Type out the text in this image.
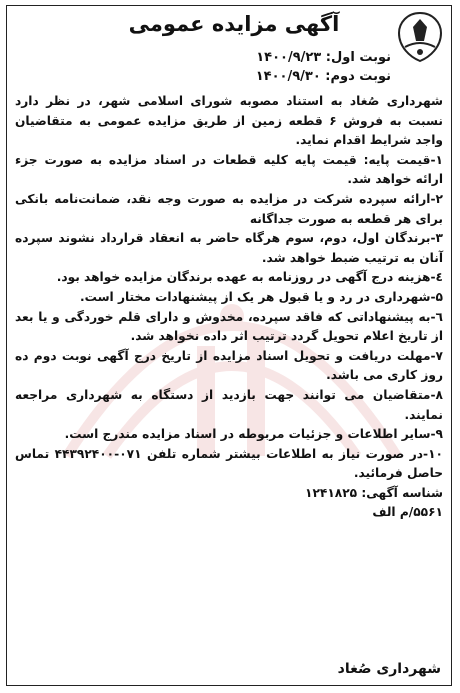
آگهی مزایده عمومی
نوبت اول: ۱۴۰۰/۹/۲۳
نوبت دوم: ۱۴۰۰/۹/۳۰

شهرداری صُغاد به استناد مصوبه شورای اسلامی شهر، در نظر دارد نسبت به فروش ۶ قطعه زمین از طریق مزایده عمومی به متقاضیان واجد شرایط اقدام نماید.

۱-قیمت پایه: قیمت پایه کلیه قطعات در اسناد مزایده به صورت جزء ارائه خواهد شد.

۲-ارائه سپرده شرکت در مزایده به صورت وجه نقد، ضمانت‌نامه بانکی برای هر قطعه به صورت جداگانه

۳-برندگان اول، دوم، سوم هرگاه حاضر به انعقاد قرارداد نشوند سپرده آنان به ترتیب ضبط خواهد شد.

٤-هزینه درج آگهی در روزنامه به عهده برندگان مزایده خواهد بود.

۵-شهرداری در رد و یا قبول هر یک از پیشنهادات مختار است.

٦-به پیشنهاداتی که فاقد سپرده، مخدوش و دارای قلم خوردگی و یا بعد از تاریخ اعلام تحویل گردد ترتیب اثر داده نخواهد شد.

۷-مهلت دریافت و تحویل اسناد مزایده از تاریخ درج آگهی نوبت دوم ده روز کاری می باشد.

۸-متقاضیان می توانند جهت بازدید از دستگاه به شهرداری مراجعه نمایند.

۹-سایر اطلاعات و جزئیات مربوطه در اسناد مزایده مندرج است.

۱۰-در صورت نیاز به اطلاعات بیشتر شماره تلفن ۰۷۱-۴۴۳۹۲۴۰۰ تماس حاصل فرمائید.

شناسه آگهی: ۱۲۴۱۸۲۵

۵۵۶۱/م الف

شهرداری صُغاد
